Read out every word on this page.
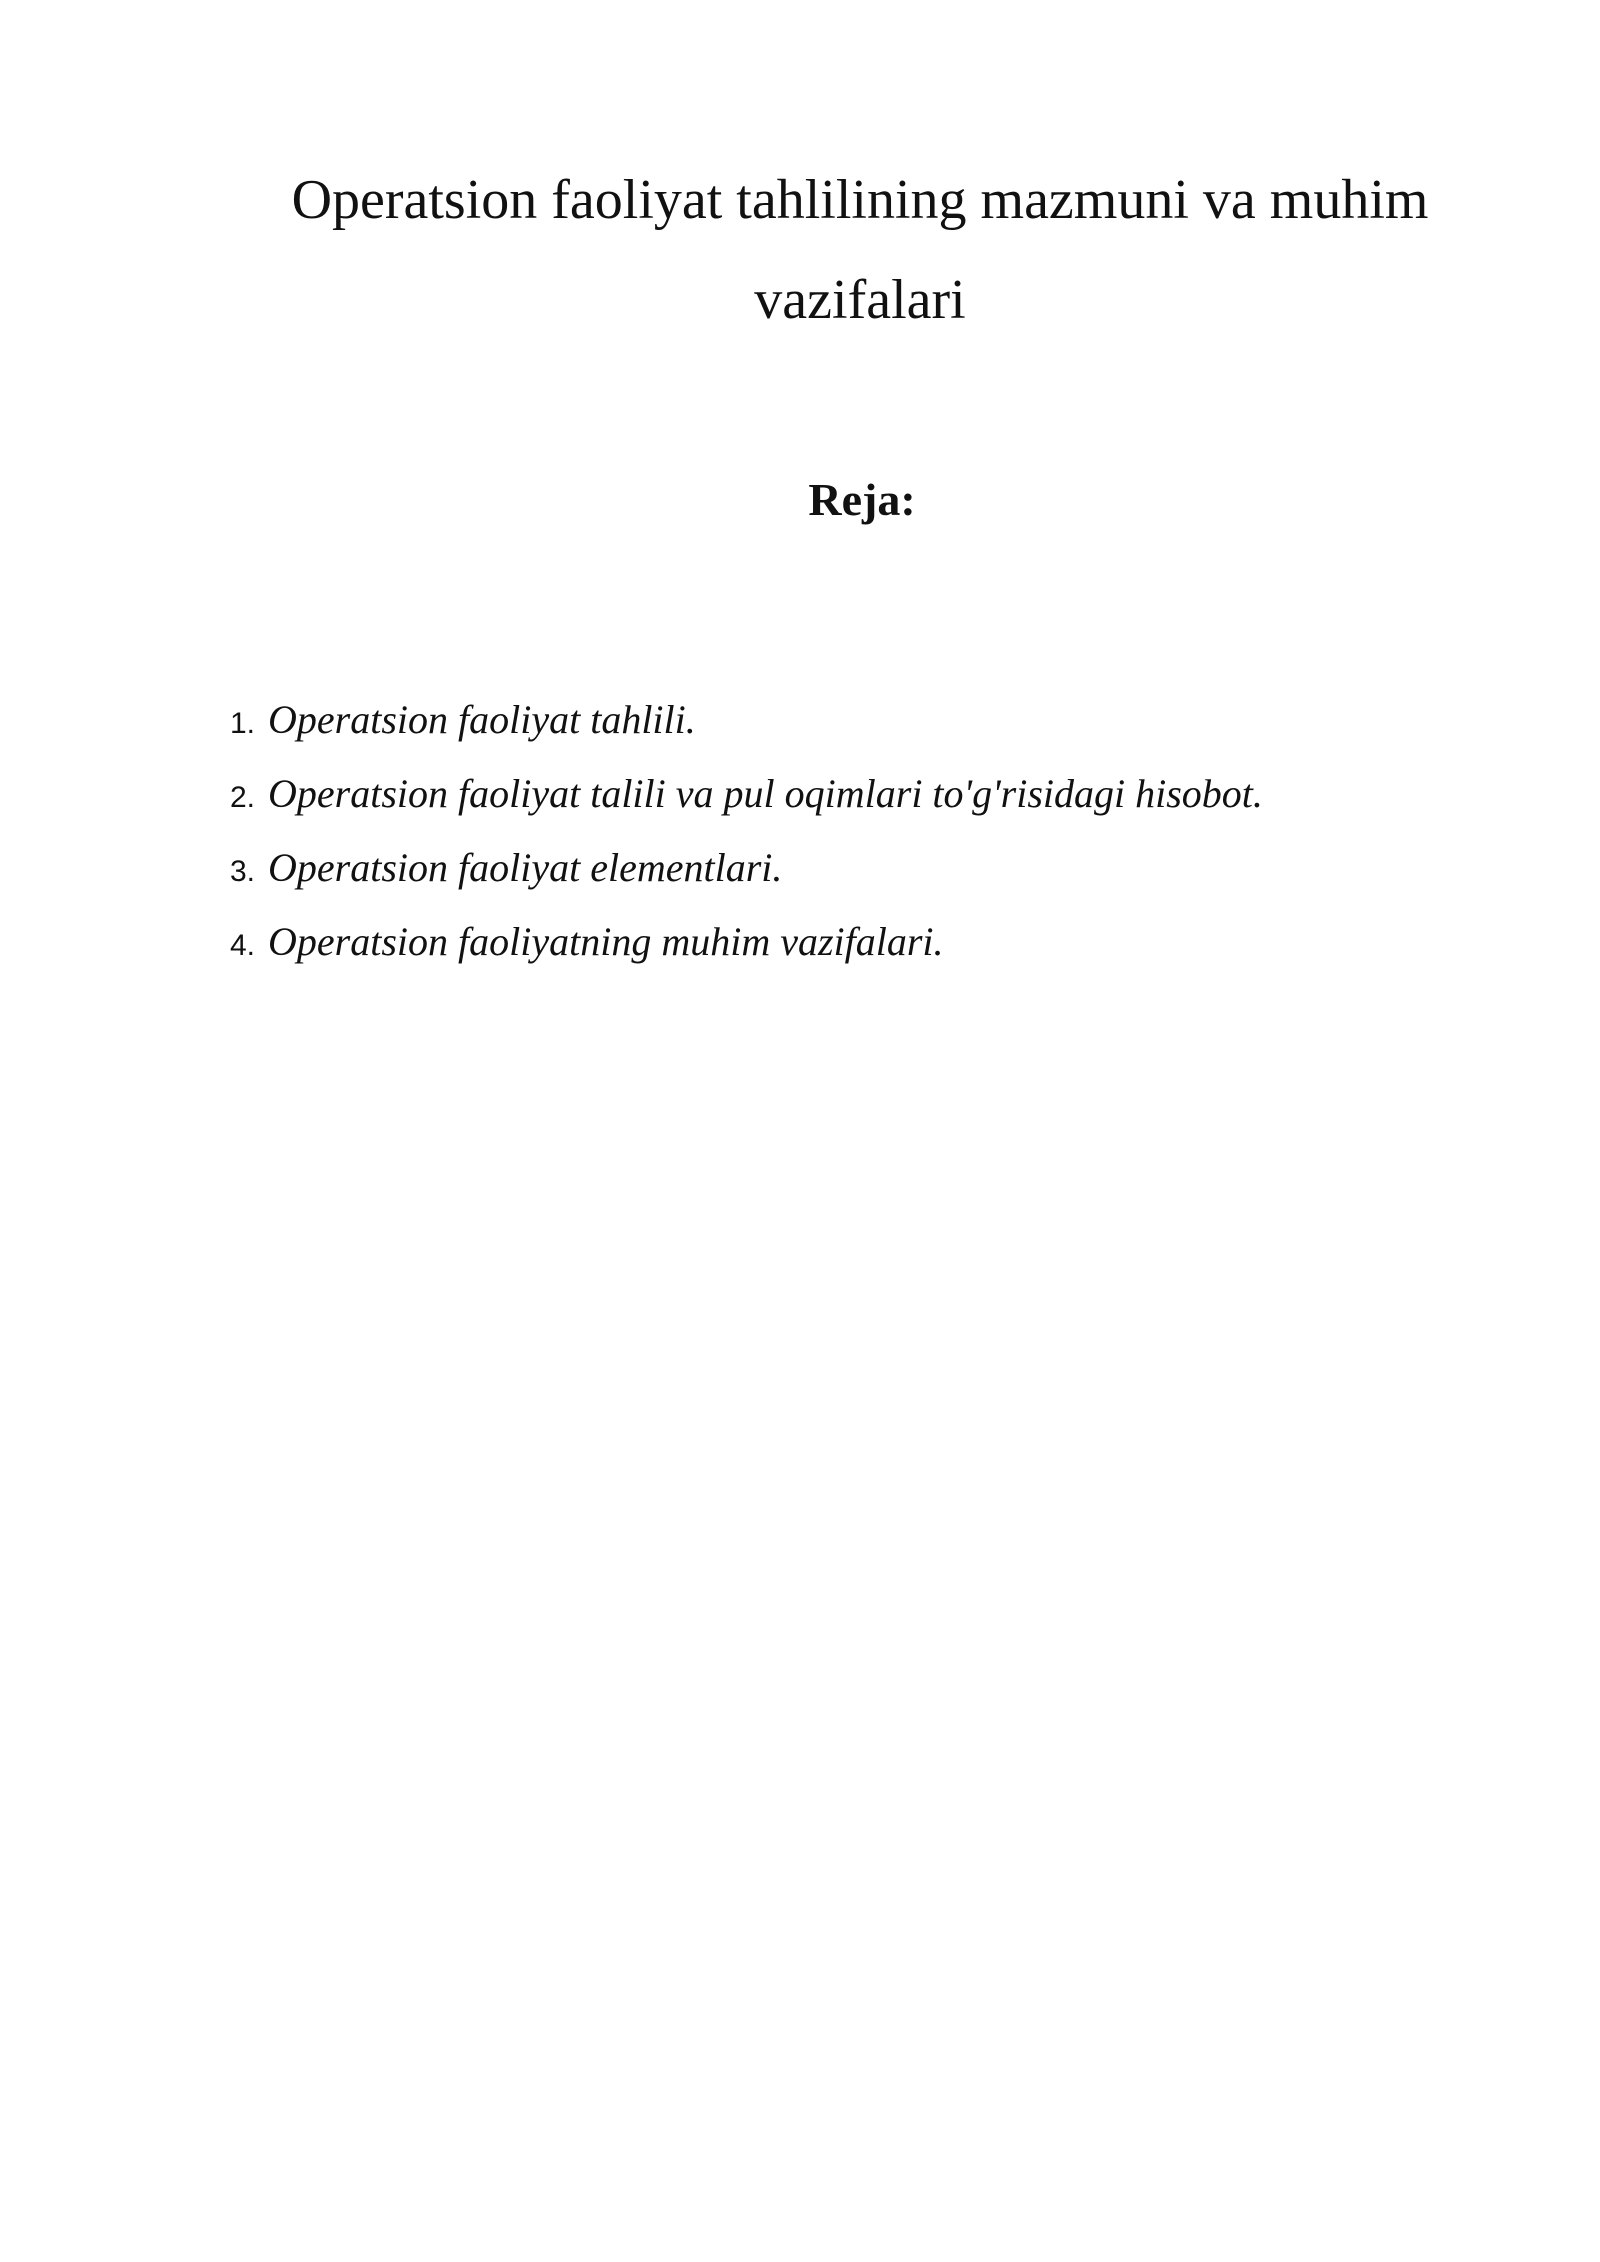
Operatsion faoliyat tahlilining mazmuni va muhim vazifalari
Reja:
1. Operatsion faoliyat tahlili.
2. Operatsion faoliyat talili va pul oqimlari to'g'risidagi hisobot.
3. Operatsion faoliyat elementlari.
4. Operatsion faoliyatning muhim vazifalari.
